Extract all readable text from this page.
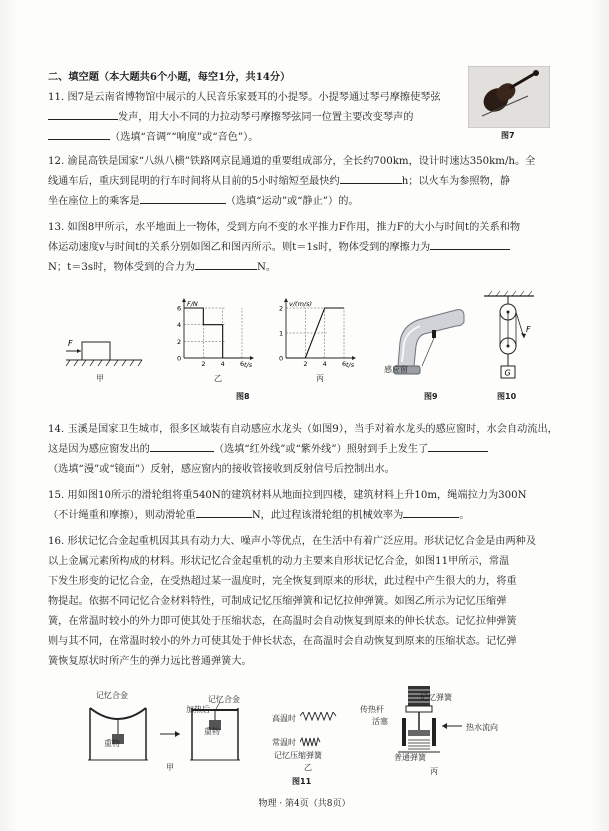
二、填空题（本大题共6个小题，每空1分，共14分）
11. 图7是云南省博物馆中展示的人民音乐家聂耳的小提琴。小提琴通过琴弓摩擦使琴弦
发声，用大小不同的力拉动琴弓摩擦琴弦同一位置主要改变琴声的
（选填“音调”“响度”或“音色”）。	图7
12. 渝昆高铁是国家“八纵八横”铁路网京昆通道的重要组成部分，全长约700km，设计时速达350km/h。全
线通车后，重庆到昆明的行车时间将从目前的5小时缩短至最快约	h；以火车为参照物，静
坐在座位上的乘客是	（选填“运动”或“静止”）的。
13. 如图8甲所示，水平地面上一物体，受到方向不变的水平推力F作用，推力F的大小与时间t的关系和物
体运动速度v与时间t的关系分别如图乙和图丙所示。则t＝1s时，物体受到的摩擦力为
N；t＝3s时，物体受到的合力为	N。
F
甲
F/N
t/s
6
4
2
0
2 4 6
乙
v/(m/s)
t/s
2
1
0
2 4 6
丙
图8
感应窗
图9
F
G
图10
14. 玉溪是国家卫生城市，很多区域装有自动感应水龙头（如图9），当手对着水龙头的感应窗时，水会自动流出，
这是因为感应窗发出的	（选填“红外线”或“紫外线”）照射到手上发生了
（选填“漫”或“镜面”）反射，感应窗内的接收管接收到反射信号后控制出水。
15. 用如图10所示的滑轮组将重540N的建筑材料从地面拉到四楼，建筑材料上升10m，绳端拉力为300N
（不计绳重和摩擦），则动滑轮重	N，此过程该滑轮组的机械效率为	。
16. 形状记忆合金起重机因其具有动力大、噪声小等优点，在生活中有着广泛应用。形状记忆合金是由两种及
以上金属元素所构成的材料。形状记忆合金起重机的动力主要来自形状记忆合金，如图11甲所示，常温
下发生形变的记忆合金，在受热超过某一温度时，完全恢复到原来的形状，此过程中产生很大的力，将重
物提起。依据不同记忆合金材料特性，可制成记忆压缩弹簧和记忆拉伸弹簧。如图乙所示为记忆压缩弹
簧，在常温时较小的外力即可使其处于压缩状态，在高温时会自动恢复到原来的伸长状态。记忆拉伸弹簧
则与其不同，在常温时较小的外力可使其处于伸长状态，在高温时会自动恢复到原来的压缩状态。记忆弹
簧恢复原状时所产生的弹力远比普通弹簧大。
记忆合金	记忆合金
加热后
重物
重物
甲
高温时
常温时
记忆压缩弹簧
乙
记忆弹簧
传热杆
活塞
热水流向
普通弹簧
丙
图11
物理 · 第4页（共8页）
